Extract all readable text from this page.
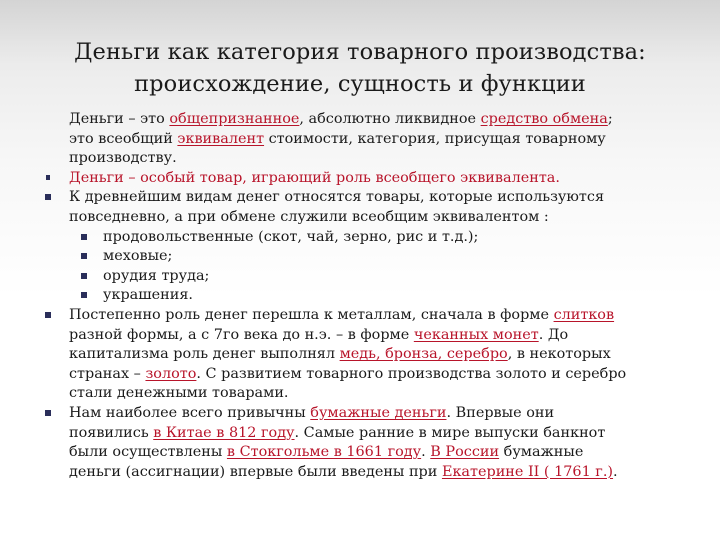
Деньги как категория товарного производства:
происхождение, сущность и функции
Деньги – это общепризнанное, абсолютно ликвидное средство обмена;
это всеобщий эквивалент стоимости, категория, присущая товарному
производству.
Деньги – особый товар, играющий роль всеобщего эквивалента.
К древнейшим видам денег относятся товары, которые используются
повседневно, а при обмене служили всеобщим эквивалентом :
продовольственные (скот, чай, зерно, рис и т.д.);
меховые;
орудия труда;
украшения.
Постепенно роль денег перешла к металлам, сначала в форме слитков
разной формы, а с 7го века до н.э. – в форме чеканных монет. До
капитализма роль денег выполнял медь, бронза, серебро, в некоторых
странах – золото. С развитием товарного производства золото и серебро
стали денежными товарами.
Нам наиболее всего привычны бумажные деньги. Впервые они
появились в Китае в 812 году. Самые ранние в мире выпуски банкнот
были осуществлены в Стокгольме в 1661 году. В России бумажные
деньги (ассигнации) впервые были введены при Екатерине II ( 1761 г.).
